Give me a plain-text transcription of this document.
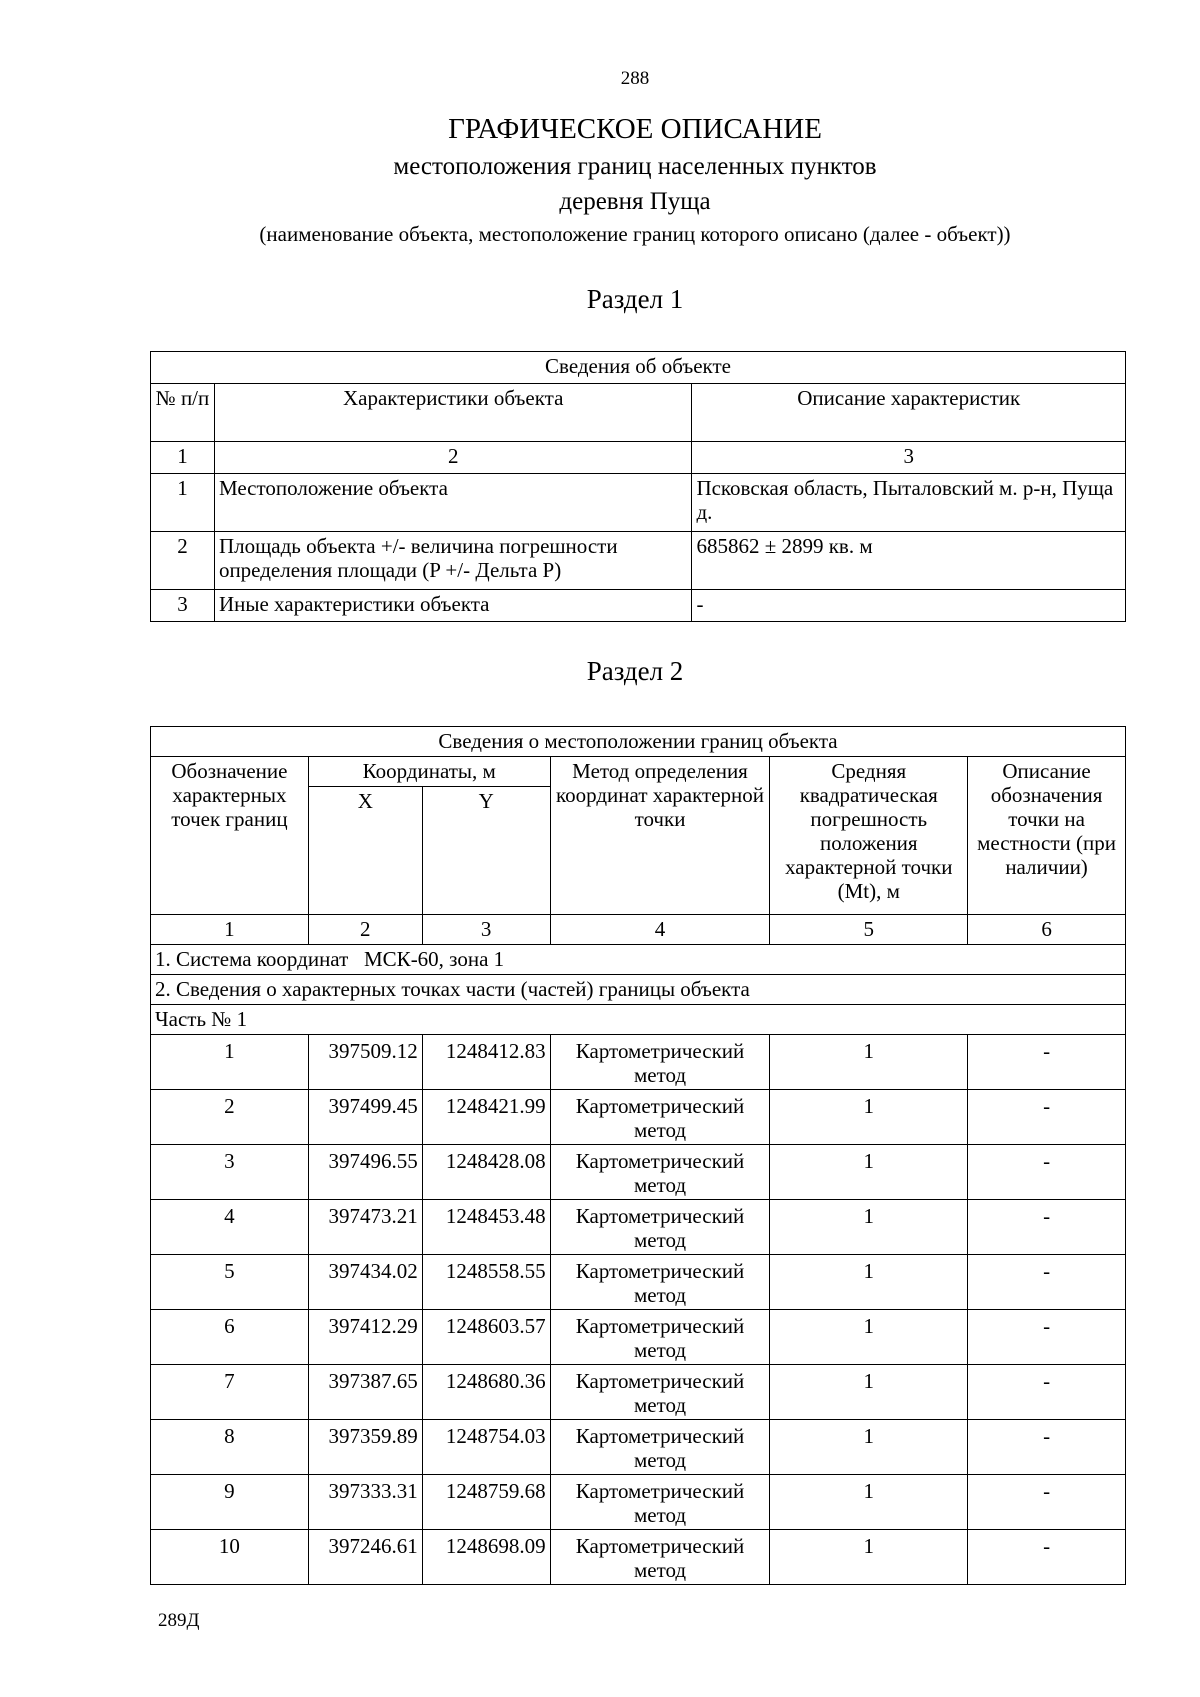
288
ГРАФИЧЕСКОЕ ОПИСАНИЕ
местоположения границ населенных пунктов
деревня Пуща
(наименование объекта, местоположение границ которого описано (далее - объект))
Раздел 1
Сведения об объекте		
№ п/п	Характеристики объекта	Описание характеристик
1	2	3
1	Местоположение объекта	Псковская область, Пыталовский м. р-н, Пуща д.
2	Площадь объекта +/- величина погрешности определения площади (P +/- Дельта P)	685862 ± 2899 кв. м
3	Иные характеристики объекта	-
Раздел 2
Сведения о местоположении границ объекта					
Обозначение характерных точек границ	Координаты, м		Метод определения координат характерной точки	Средняя квадратическая погрешность положения характерной точки (Mt), м	Описание обозначения точки на местности (при наличии)
	X	Y			
1	2	3	4	5	6
1. Система координат   МСК-60, зона 1					
2. Сведения о характерных точках части (частей) границы объекта					
Часть № 1					
1	397509.12	1248412.83	Картометрический метод	1	-
2	397499.45	1248421.99	Картометрический метод	1	-
3	397496.55	1248428.08	Картометрический метод	1	-
4	397473.21	1248453.48	Картометрический метод	1	-
5	397434.02	1248558.55	Картометрический метод	1	-
6	397412.29	1248603.57	Картометрический метод	1	-
7	397387.65	1248680.36	Картометрический метод	1	-
8	397359.89	1248754.03	Картометрический метод	1	-
9	397333.31	1248759.68	Картометрический метод	1	-
10	397246.61	1248698.09	Картометрический метод	1	-
289Д
